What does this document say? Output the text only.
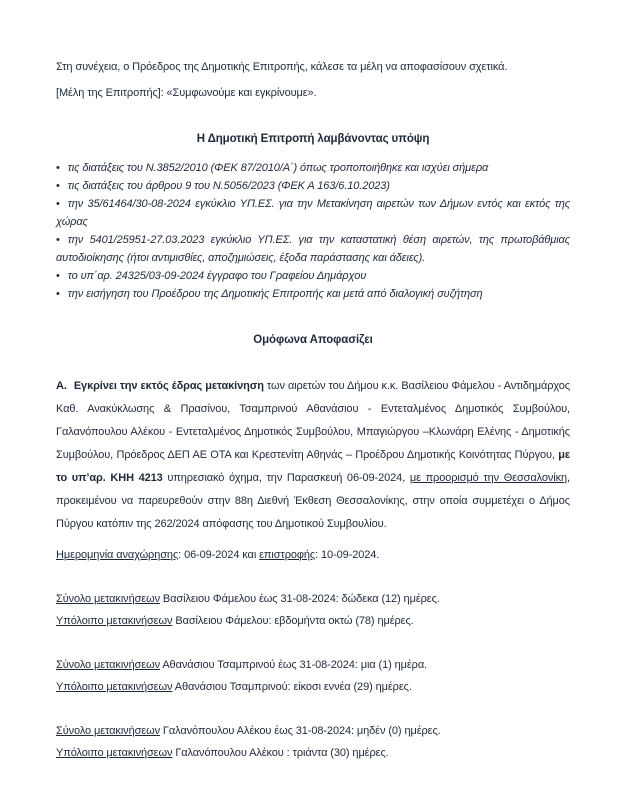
Στη συνέχεια, ο Πρόεδρος της Δημοτικής Επιτροπής, κάλεσε τα μέλη να αποφασίσουν σχετικά.

[Μέλη της Επιτροπής]: «Συμφωνούμε και εγκρίνουμε».

Η Δημοτική Επιτροπή λαμβάνοντας υπόψη

• τις διατάξεις του Ν.3852/2010 (ΦΕΚ 87/2010/Α΄) όπως τροποποιήθηκε και ισχύει σήμερα

• τις διατάξεις του άρθρου 9 του Ν.5056/2023 (ΦΕΚ Α 163/6.10.2023)

• την 35/61464/30-08-2024 εγκύκλιο ΥΠ.ΕΣ. για την Μετακίνηση αιρετών των Δήμων εντός και εκτός της χώρας

• την 5401/25951-27.03.2023 εγκύκλιο ΥΠ.ΕΣ. για την καταστατική θέση αιρετών, της πρωτοβάθμιας αυτοδιοίκησης (ήτοι αντιμισθίες, αποζημιώσεις, έξοδα παράστασης και άδειες).

• το υπ΄αρ. 24325/03-09-2024 έγγραφο του Γραφείου Δημάρχου

• την εισήγηση του Προέδρου της Δημοτικής Επιτροπής και μετά από διαλογική συζήτηση

Ομόφωνα Αποφασίζει

Α. Εγκρίνει την εκτός έδρας μετακίνηση των αιρετών του Δήμου κ.κ. Βασίλειου Φάμελου - Αντιδημάρχος Καθ. Ανακύκλωσης & Πρασίνου, Τσαμπρινού Αθανάσιου - Εντεταλμένος Δημοτικός Συμβούλου, Γαλανόπουλου Αλέκου - Εντεταλμένος Δημοτικός Συμβούλου, Μπαγιώργου –Κλωνάρη Ελένης - Δημοτικής Συμβούλου, Πρόεδρος ΔΕΠ ΑΕ ΟΤΑ και Κρεστενίτη Αθηνάς – Προέδρου Δημοτικής Κοινότητας Πύργου, με το υπ’αρ. ΚΗΗ 4213 υπηρεσιακό όχημα, την Παρασκευή 06-09-2024, με προορισμό την Θεσσαλονίκη, προκειμένου να παρευρεθούν στην 88η Διεθνή Έκθεση Θεσσαλονίκης, στην οποία συμμετέχει ο Δήμος Πύργου κατόπιν της 262/2024 απόφασης του Δημοτικού Συμβουλίου.

Ημερομηνία αναχώρησης: 06-09-2024 και επιστροφής: 10-09-2024.

Σύνολο μετακινήσεων Βασίλειου Φάμελου έως 31-08-2024: δώδεκα (12) ημέρες.

Υπόλοιπο μετακινήσεων Βασίλειου Φάμελου: εβδομήντα οκτώ (78) ημέρες.

Σύνολο μετακινήσεων Αθανάσιου Τσαμπρινού έως 31-08-2024: μια (1) ημέρα.

Υπόλοιπο μετακινήσεων Αθανάσιου Τσαμπρινού: είκοσι εννέα (29) ημέρες.

Σύνολο μετακινήσεων Γαλανόπουλου Αλέκου έως 31-08-2024: μηδέν (0) ημέρες.

Υπόλοιπο μετακινήσεων Γαλανόπουλου Αλέκου : τριάντα (30) ημέρες.
